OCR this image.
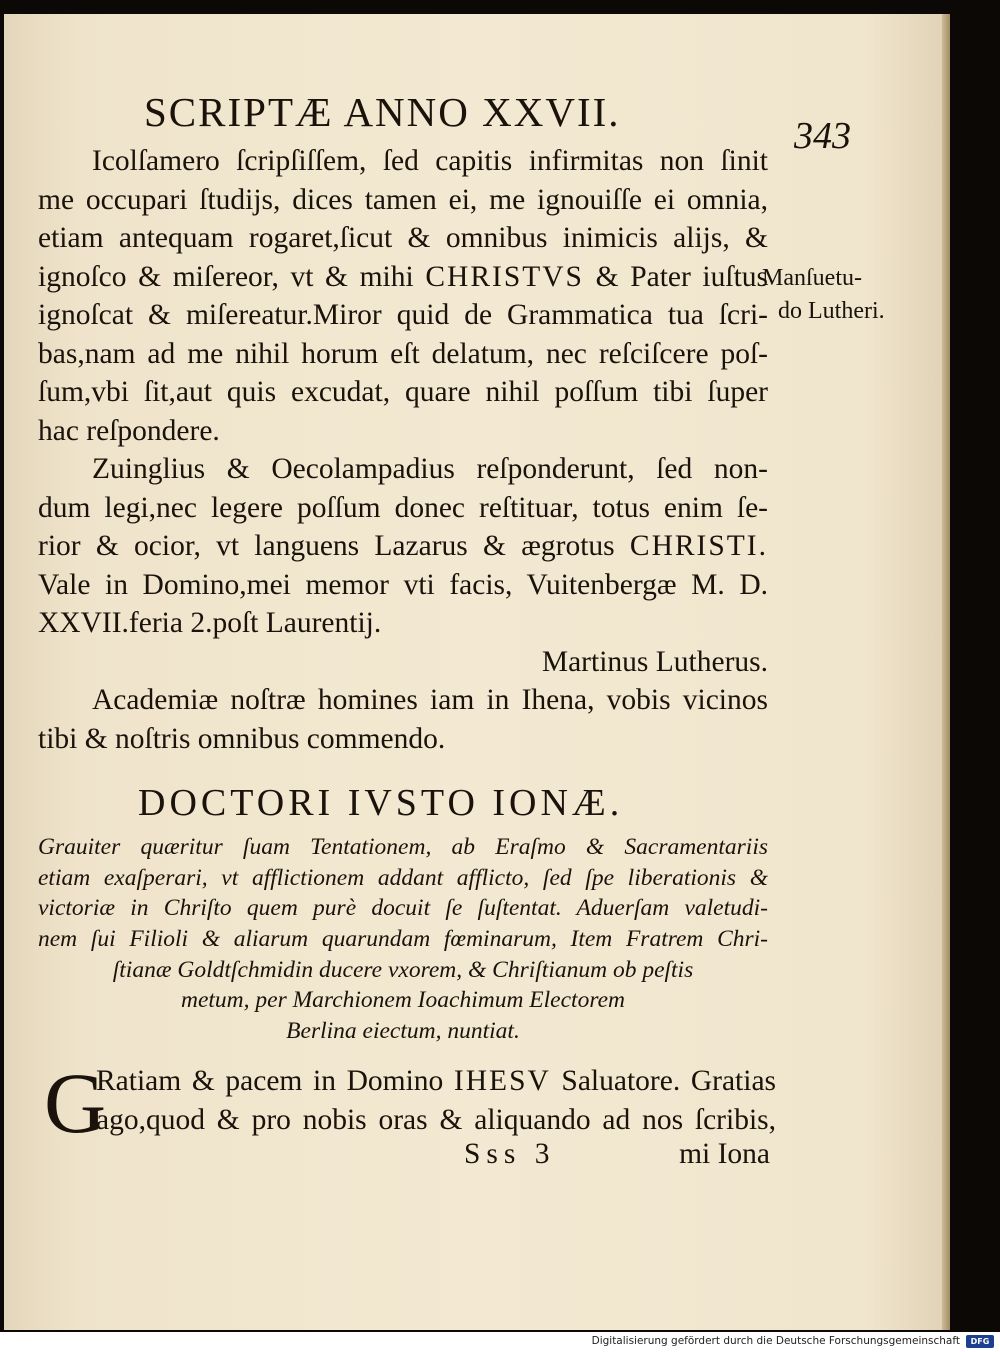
SCRIPTÆ ANNO XXVII.
343
Icolſamero ſcripſiſſem, ſed capitis infirmitas non ſinit
me occupari ſtudijs, dices tamen ei, me ignouiſſe ei omnia,
etiam antequam rogaret,ſicut & omnibus inimicis alijs, &
ignoſco & miſereor, vt & mihi CHRISTVS & Pater iuſtus
ignoſcat & miſereatur.Miror quid de Grammatica tua ſcri-
bas,nam ad me nihil horum eſt delatum, nec reſciſcere poſ-
ſum,vbi ſit,aut quis excudat, quare nihil poſſum tibi ſuper
hac reſpondere.
Zuinglius & Oecolampadius reſponderunt, ſed non-
dum legi,nec legere poſſum donec reſtituar, totus enim ſe-
rior & ocior, vt languens Lazarus & ægrotus CHRISTI.
Vale in Domino,mei memor vti facis, Vuitenbergæ M. D.
XXVII.feria 2.poſt Laurentij.
Martinus Lutherus.
Academiæ noſtræ homines iam in Ihena, vobis vicinos
tibi & noſtris omnibus commendo.
Manſuetu-
do Lutheri.
DOCTORI IVSTO IONÆ.
Grauiter quæritur ſuam Tentationem, ab Eraſmo & Sacramentariis
etiam exaſperari, vt afflictionem addant afflicto, ſed ſpe liberationis &
victoriæ in Chriſto quem purè docuit ſe ſuſtentat. Aduerſam valetudi-
nem ſui Filioli & aliarum quarundam fœminarum, Item Fratrem Chri-
ſtianæ Goldtſchmidin ducere vxorem, & Chriſtianum ob peſtis
metum, per Marchionem Ioachimum Electorem
Berlina eiectum, nuntiat.
G
Ratiam & pacem in Domino IHESV Saluatore. Gratias
ago,quod & pro nobis oras & aliquando ad nos ſcribis,
Sss 3	mi Iona
Digitalisierung gefördert durch die Deutsche Forschungsgemeinschaft	DFG
